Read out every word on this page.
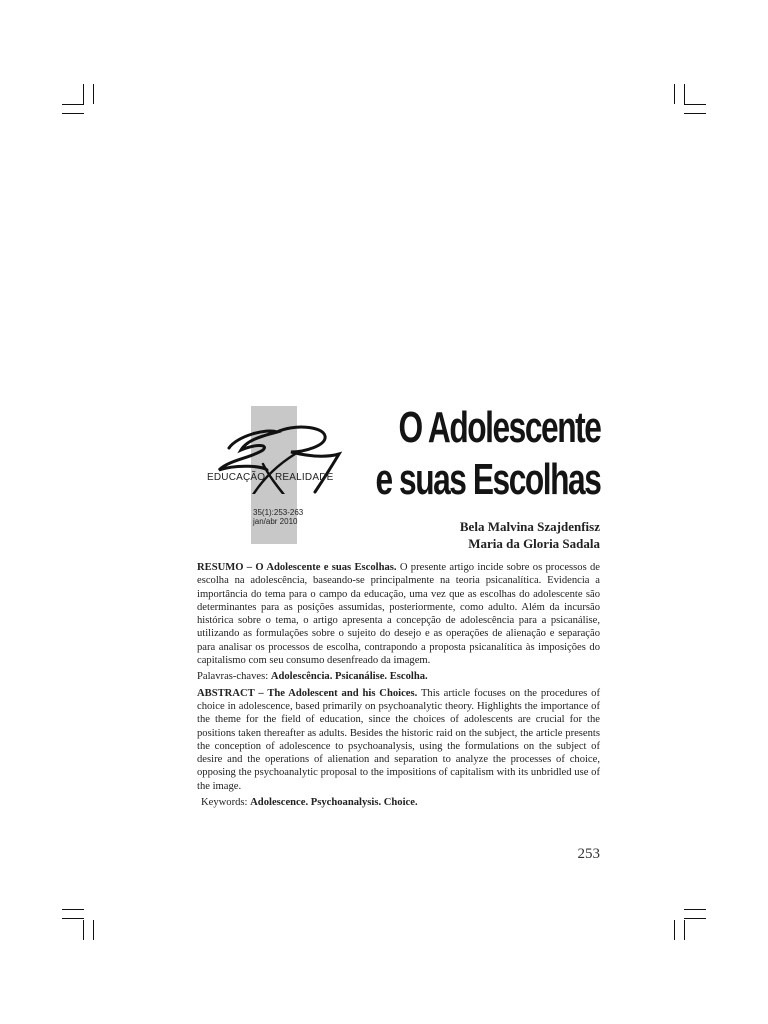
EDUCAÇÃO REALIDADE
35(1):253-263
jan/abr 2010
O Adolescente
e suas Escolhas
Bela Malvina Szajdenfisz
Maria da Gloria Sadala

RESUMO – O Adolescente e suas Escolhas. O presente artigo incide sobre os processos de escolha na adolescência, baseando-se principalmente na teoria psicanalítica. Evidencia a importância do tema para o campo da educação, uma vez que as escolhas do adolescente são determinantes para as posições assumidas, posteriormente, como adulto. Além da incursão histórica sobre o tema, o artigo apresenta a concepção de adolescência para a psicanálise, utilizando as formulações sobre o sujeito do desejo e as operações de alienação e separação para analisar os processos de escolha, contrapondo a proposta psicanalítica às imposições do capitalismo com seu consumo desenfreado da imagem.

Palavras-chaves: Adolescência. Psicanálise. Escolha.

ABSTRACT – The Adolescent and his Choices. This article focuses on the procedures of choice in adolescence, based primarily on psychoanalytic theory. Highlights the importance of the theme for the field of education, since the choices of adolescents are crucial for the positions taken thereafter as adults. Besides the historic raid on the subject, the article presents the conception of adolescence to psychoanalysis, using the formulations on the subject of desire and the operations of alienation and separation to analyze the processes of choice, opposing the psychoanalytic proposal to the impositions of capitalism with its unbridled use of the image.

Keywords: Adolescence. Psychoanalysis. Choice.

253
